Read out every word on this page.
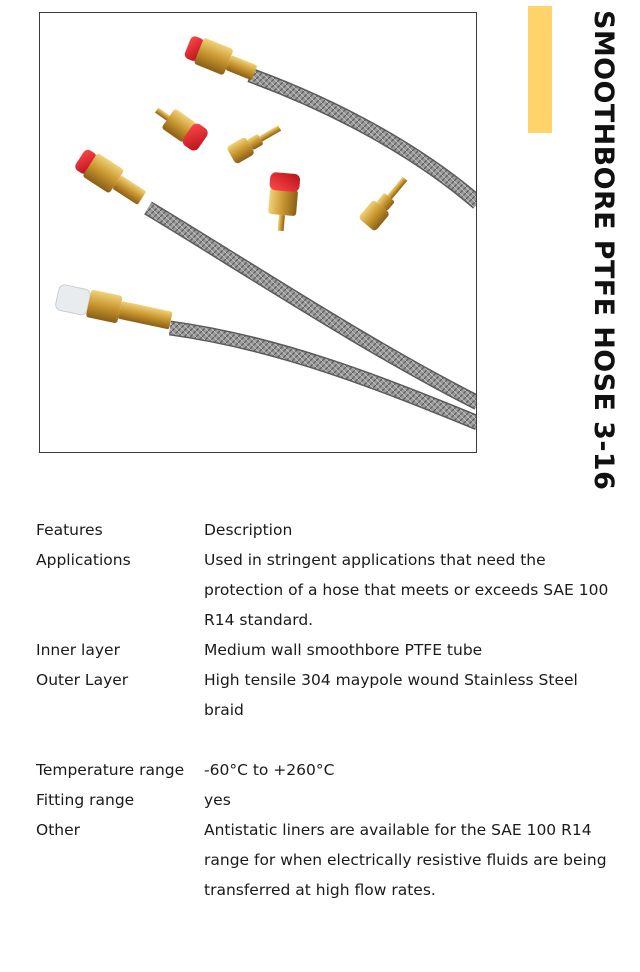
SMOOTHBORE PTFE HOSE 3-16
Features	Description
Applications	Used in stringent applications that need the protection of a hose that meets or exceeds SAE 100 R14 standard.
Inner layer	Medium wall smoothbore PTFE tube
Outer Layer	High tensile 304 maypole wound Stainless Steel braid
Temperature range	-60°C to +260°C
Fitting range	yes
Other	Antistatic liners are available for the SAE 100 R14 range for when electrically resistive fluids are being transferred at high flow rates.
